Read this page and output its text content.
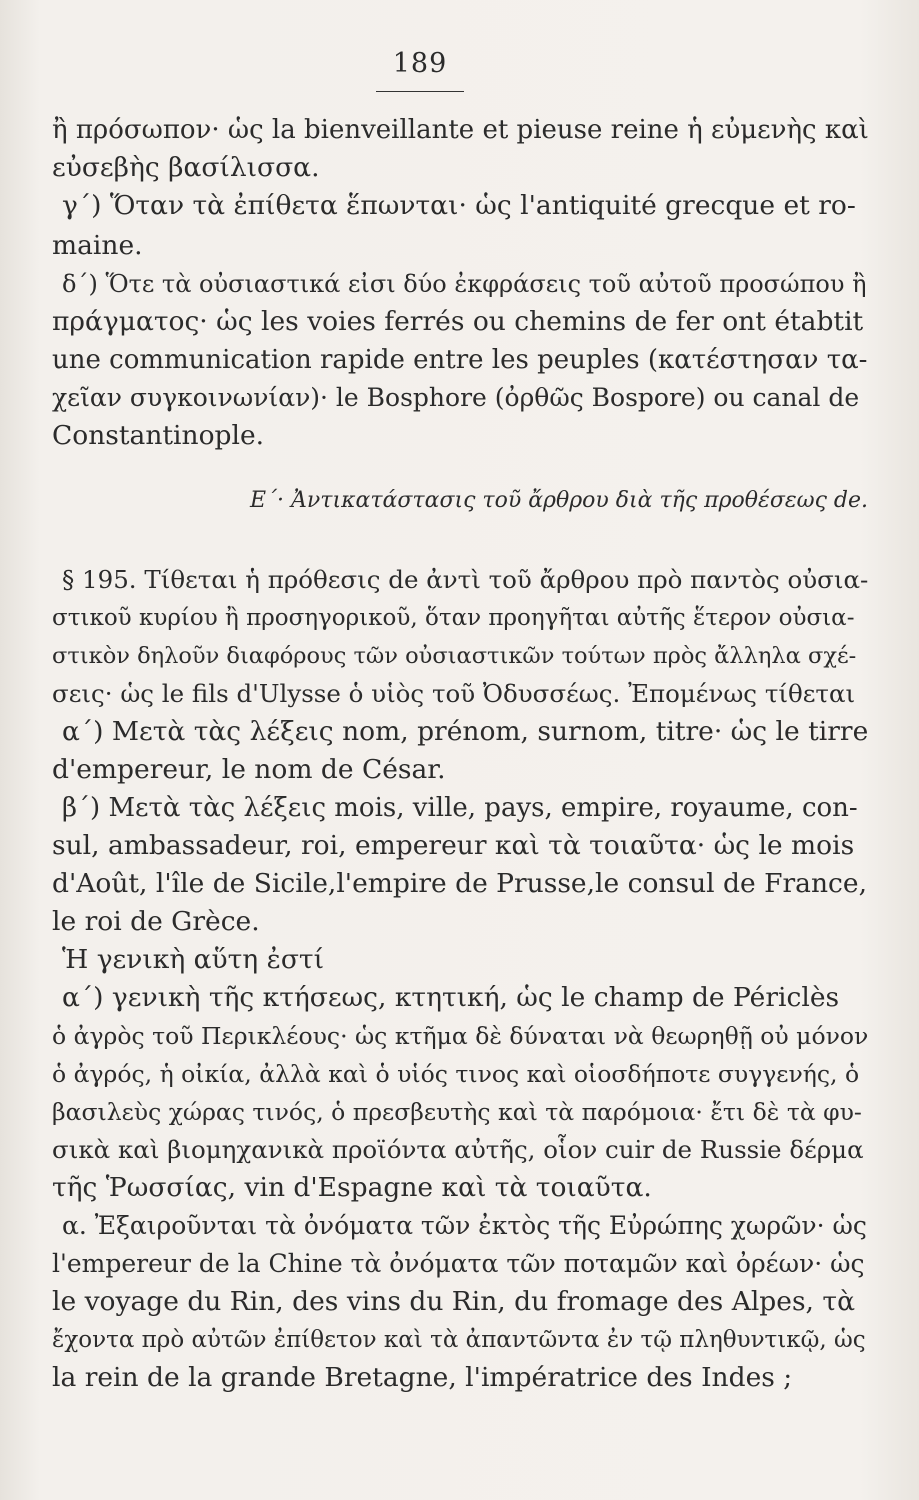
189
ἢ πρόσωπον· ὡς la bienveillante et pieuse reine ἡ εὐμενὴς καὶ
εὐσεβὴς βασίλισσα.
γ΄) Ὅταν τὰ ἐπίθετα ἕπωνται· ὡς l'antiquité grecque et ro-
maine.
δ΄) Ὅτε τὰ οὐσιαστικά εἰσι δύο ἐκφράσεις τοῦ αὐτοῦ προσώπου ἢ
πράγματος· ὡς les voies ferrés ou chemins de fer ont étabtit
une communication rapide entre les peuples (κατέστησαν τα-
χεῖαν συγκοινωνίαν)· le Bosphore (ὀρθῶς Bospore) ou canal de
Constantinople.
Ε΄· Ἀντικατάστασις τοῦ ἄρθρου διὰ τῆς προθέσεως de.
§ 195. Τίθεται ἡ πρόθεσις de ἀντὶ τοῦ ἄρθρου πρὸ παντὸς οὐσια-
στικοῦ κυρίου ἢ προσηγορικοῦ, ὅταν προηγῆται αὐτῆς ἕτερον οὐσια-
στικὸν δηλοῦν διαφόρους τῶν οὐσιαστικῶν τούτων πρὸς ἄλληλα σχέ-
σεις· ὡς le fils d'Ulysse ὁ υἱὸς τοῦ Ὀδυσσέως. Ἐπομένως τίθεται
α΄) Μετὰ τὰς λέξεις nom, prénom, surnom, titre· ὡς le tirre
d'empereur, le nom de César.
β΄) Μετὰ τὰς λέξεις mois, ville, pays, empire, royaume, con-
sul, ambassadeur, roi, empereur καὶ τὰ τοιαῦτα· ὡς le mois
d'Août, l'île de Sicile,l'empire de Prusse,le consul de France,
le roi de Grèce.
Ἡ γενικὴ αὕτη ἐστί
α΄) γενικὴ τῆς κτήσεως, κτητική, ὡς le champ de Périclès
ὁ ἀγρὸς τοῦ Περικλέους· ὡς κτῆμα δὲ δύναται νὰ θεωρηθῇ οὐ μόνον
ὁ ἀγρός, ἡ οἰκία, ἀλλὰ καὶ ὁ υἱός τινος καὶ οἱοσδήποτε συγγενής, ὁ
βασιλεὺς χώρας τινός, ὁ πρεσβευτὴς καὶ τὰ παρόμοια· ἔτι δὲ τὰ φυ-
σικὰ καὶ βιομηχανικὰ προϊόντα αὐτῆς, οἷον cuir de Russie δέρμα
τῆς Ῥωσσίας, vin d'Espagne καὶ τὰ τοιαῦτα.
α. Ἐξαιροῦνται τὰ ὀνόματα τῶν ἐκτὸς τῆς Εὐρώπης χωρῶν· ὡς
l'empereur de la Chine τὰ ὀνόματα τῶν ποταμῶν καὶ ὀρέων· ὡς
le voyage du Rin, des vins du Rin, du fromage des Alpes, τὰ
ἔχοντα πρὸ αὐτῶν ἐπίθετον καὶ τὰ ἀπαντῶντα ἐν τῷ πληθυντικῷ, ὡς
la rein de la grande Bretagne, l'impératrice des Indes ;
